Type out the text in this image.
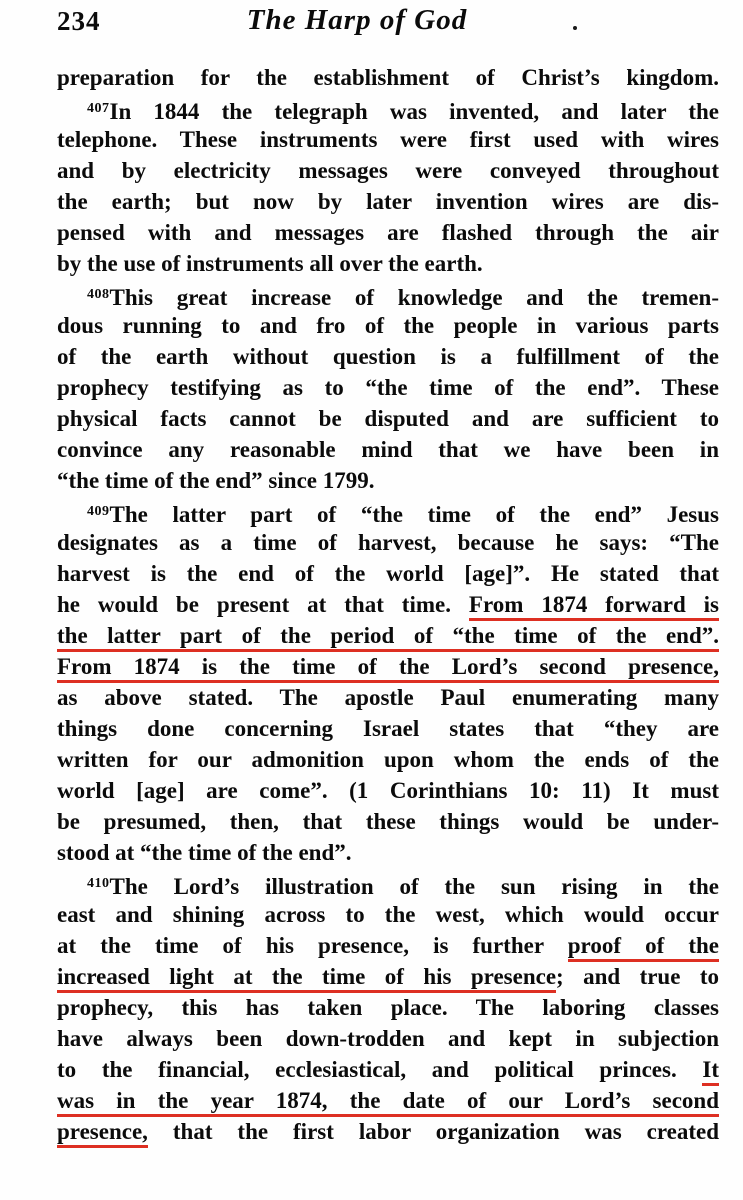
234	The Harp of God
preparation for the establishment of Christ’s kingdom.
$^{407}$In 1844 the telegraph was invented, and later the
telephone. These instruments were first used with wires
and by electricity messages were conveyed throughout
the earth; but now by later invention wires are dis-
pensed with and messages are flashed through the air
by the use of instruments all over the earth.
$^{408}$This great increase of knowledge and the tremen-
dous running to and fro of the people in various parts
of the earth without question is a fulfillment of the
prophecy testifying as to “the time of the end”. These
physical facts cannot be disputed and are sufficient to
convince any reasonable mind that we have been in
“the time of the end” since 1799.
$^{409}$The latter part of “the time of the end” Jesus
designates as a time of harvest, because he says: “The
harvest is the end of the world [age]”. He stated that
he would be present at that time. From 1874 forward is
the latter part of the period of “the time of the end”.
From 1874 is the time of the Lord’s second presence,
as above stated. The apostle Paul enumerating many
things done concerning Israel states that “they are
written for our admonition upon whom the ends of the
world [age] are come”. (1 Corinthians 10: 11) It must
be presumed, then, that these things would be under-
stood at “the time of the end”.
$^{410}$The Lord’s illustration of the sun rising in the
east and shining across to the west, which would occur
at the time of his presence, is further proof of the
increased light at the time of his presence; and true to
prophecy, this has taken place. The laboring classes
have always been down-trodden and kept in subjection
to the financial, ecclesiastical, and political princes. It
was in the year 1874, the date of our Lord’s second
presence, that the first labor organization was created
